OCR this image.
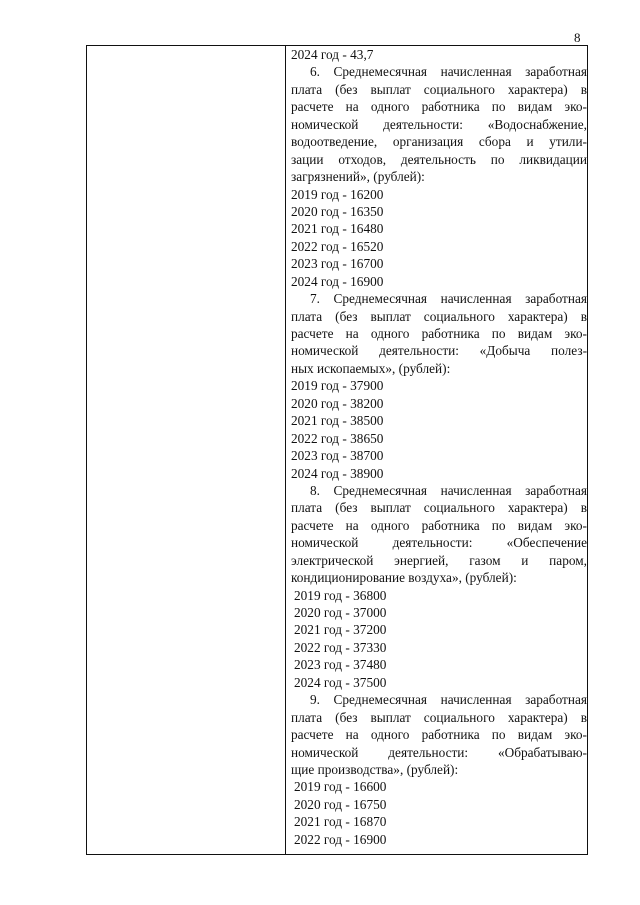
8
2024 год - 43,7
6. Среднемесячная начисленная заработная
плата (без выплат социального характера) в
расчете на одного работника по видам эко-
номической деятельности: «Водоснабжение,
водоотведение, организация сбора и утили-
зации отходов, деятельность по ликвидации
загрязнений», (рублей):
2019 год - 16200
2020 год - 16350
2021 год - 16480
2022 год - 16520
2023 год - 16700
2024 год - 16900
7. Среднемесячная начисленная заработная
плата (без выплат социального характера) в
расчете на одного работника по видам эко-
номической деятельности: «Добыча полез-
ных ископаемых», (рублей):
2019 год - 37900
2020 год - 38200
2021 год - 38500
2022 год - 38650
2023 год - 38700
2024 год - 38900
8. Среднемесячная начисленная заработная
плата (без выплат социального характера) в
расчете на одного работника по видам эко-
номической деятельности: «Обеспечение
электрической энергией, газом и паром,
кондиционирование воздуха», (рублей):
2019 год - 36800
2020 год - 37000
2021 год - 37200
2022 год - 37330
2023 год - 37480
2024 год - 37500
9. Среднемесячная начисленная заработная
плата (без выплат социального характера) в
расчете на одного работника по видам эко-
номической деятельности: «Обрабатываю-
щие производства», (рублей):
2019 год - 16600
2020 год - 16750
2021 год - 16870
2022 год - 16900
